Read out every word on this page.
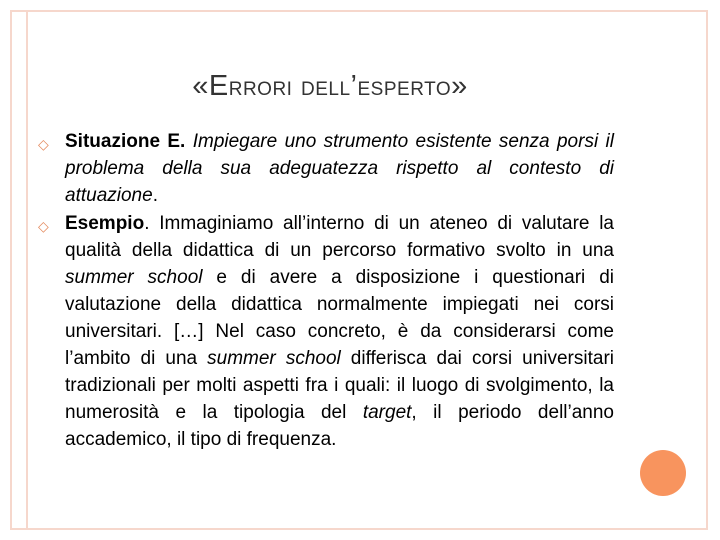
«ERRORI DELL’ESPERTO»
◇ Situazione E. Impiegare uno strumento esistente senza porsi il problema della sua adeguatezza rispetto al contesto di attuazione.
◇ Esempio. Immaginiamo all’interno di un ateneo di valutare la qualità della didattica di un percorso formativo svolto in una summer school e di avere a disposizione i questionari di valutazione della didattica normalmente impiegati nei corsi universitari. […] Nel caso concreto, è da considerarsi come l’ambito di una summer school differisca dai corsi universitari tradizionali per molti aspetti fra i quali: il luogo di svolgimento, la numerosità e la tipologia del target, il periodo dell’anno accademico, il tipo di frequenza.
